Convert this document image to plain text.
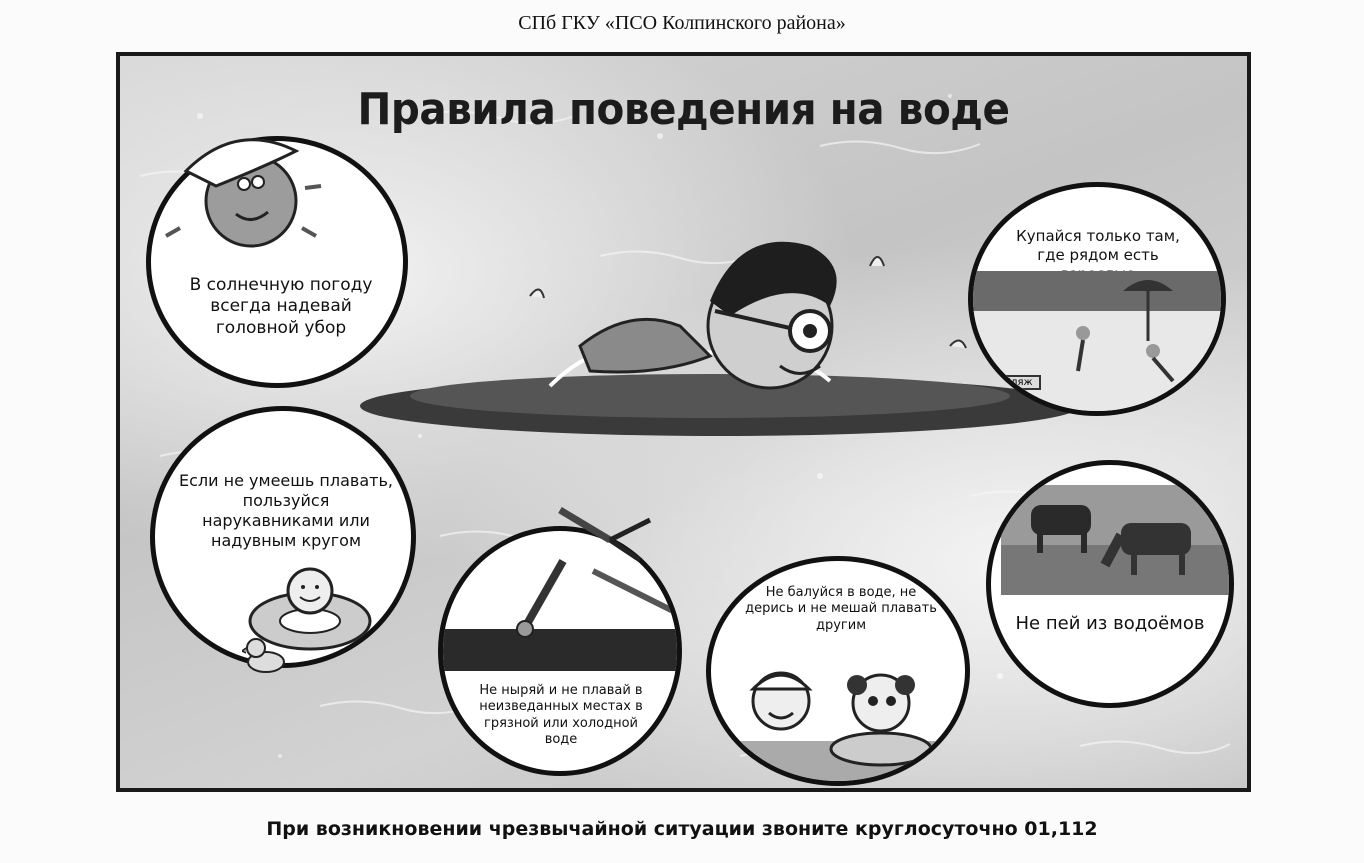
СПб ГКУ «ПСО Колпинского района»
Правила поведения на воде
В солнечную погоду всегда надевай головной убор
Купайся только там, где рядом есть
Пляж
Если не умеешь плавать, пользуйся нарукавниками или надувным кругом
Не ныряй и не плавай в неизведанных местах в грязной или холодной воде
Не балуйся в воде, не дерись и не мешай плавать другим	Не пей из водоёмов
При возникновении чрезвычайной ситуации звоните круглосуточно 01,112
